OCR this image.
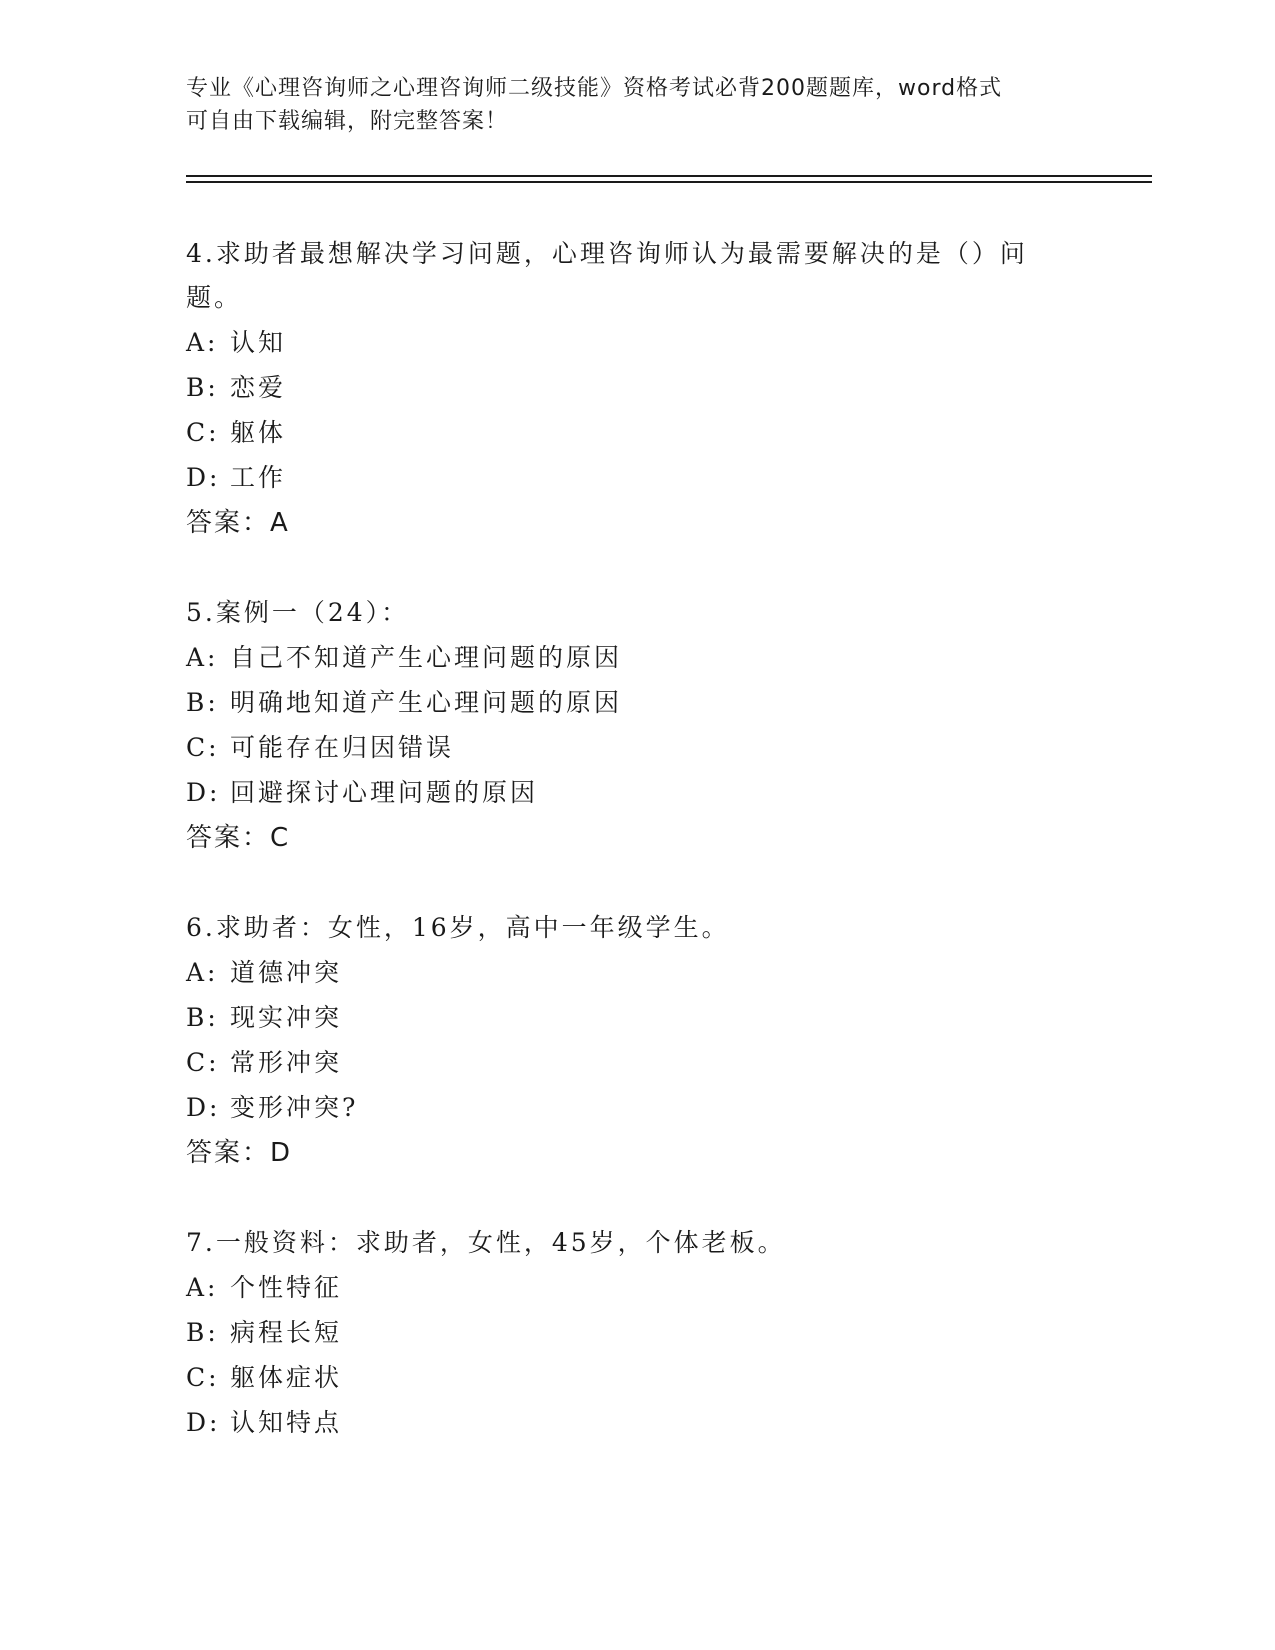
专业《心理咨询师之心理咨询师二级技能》资格考试必背200题题库，word格式
可自由下载编辑，附完整答案！

4.求助者最想解决学习问题，心理咨询师认为最需要解决的是（）问
题。

A: 认知

B: 恋爱

C: 躯体

D: 工作

答案：A

5.案例一（24）：

A: 自己不知道产生心理问题的原因

B: 明确地知道产生心理问题的原因

C: 可能存在归因错误

D: 回避探讨心理问题的原因

答案：C

6.求助者：女性，16岁，高中一年级学生。

A: 道德冲突

B: 现实冲突

C: 常形冲突

D: 变形冲突?

答案：D

7.一般资料：求助者，女性，45岁，个体老板。

A: 个性特征

B: 病程长短

C: 躯体症状

D: 认知特点
